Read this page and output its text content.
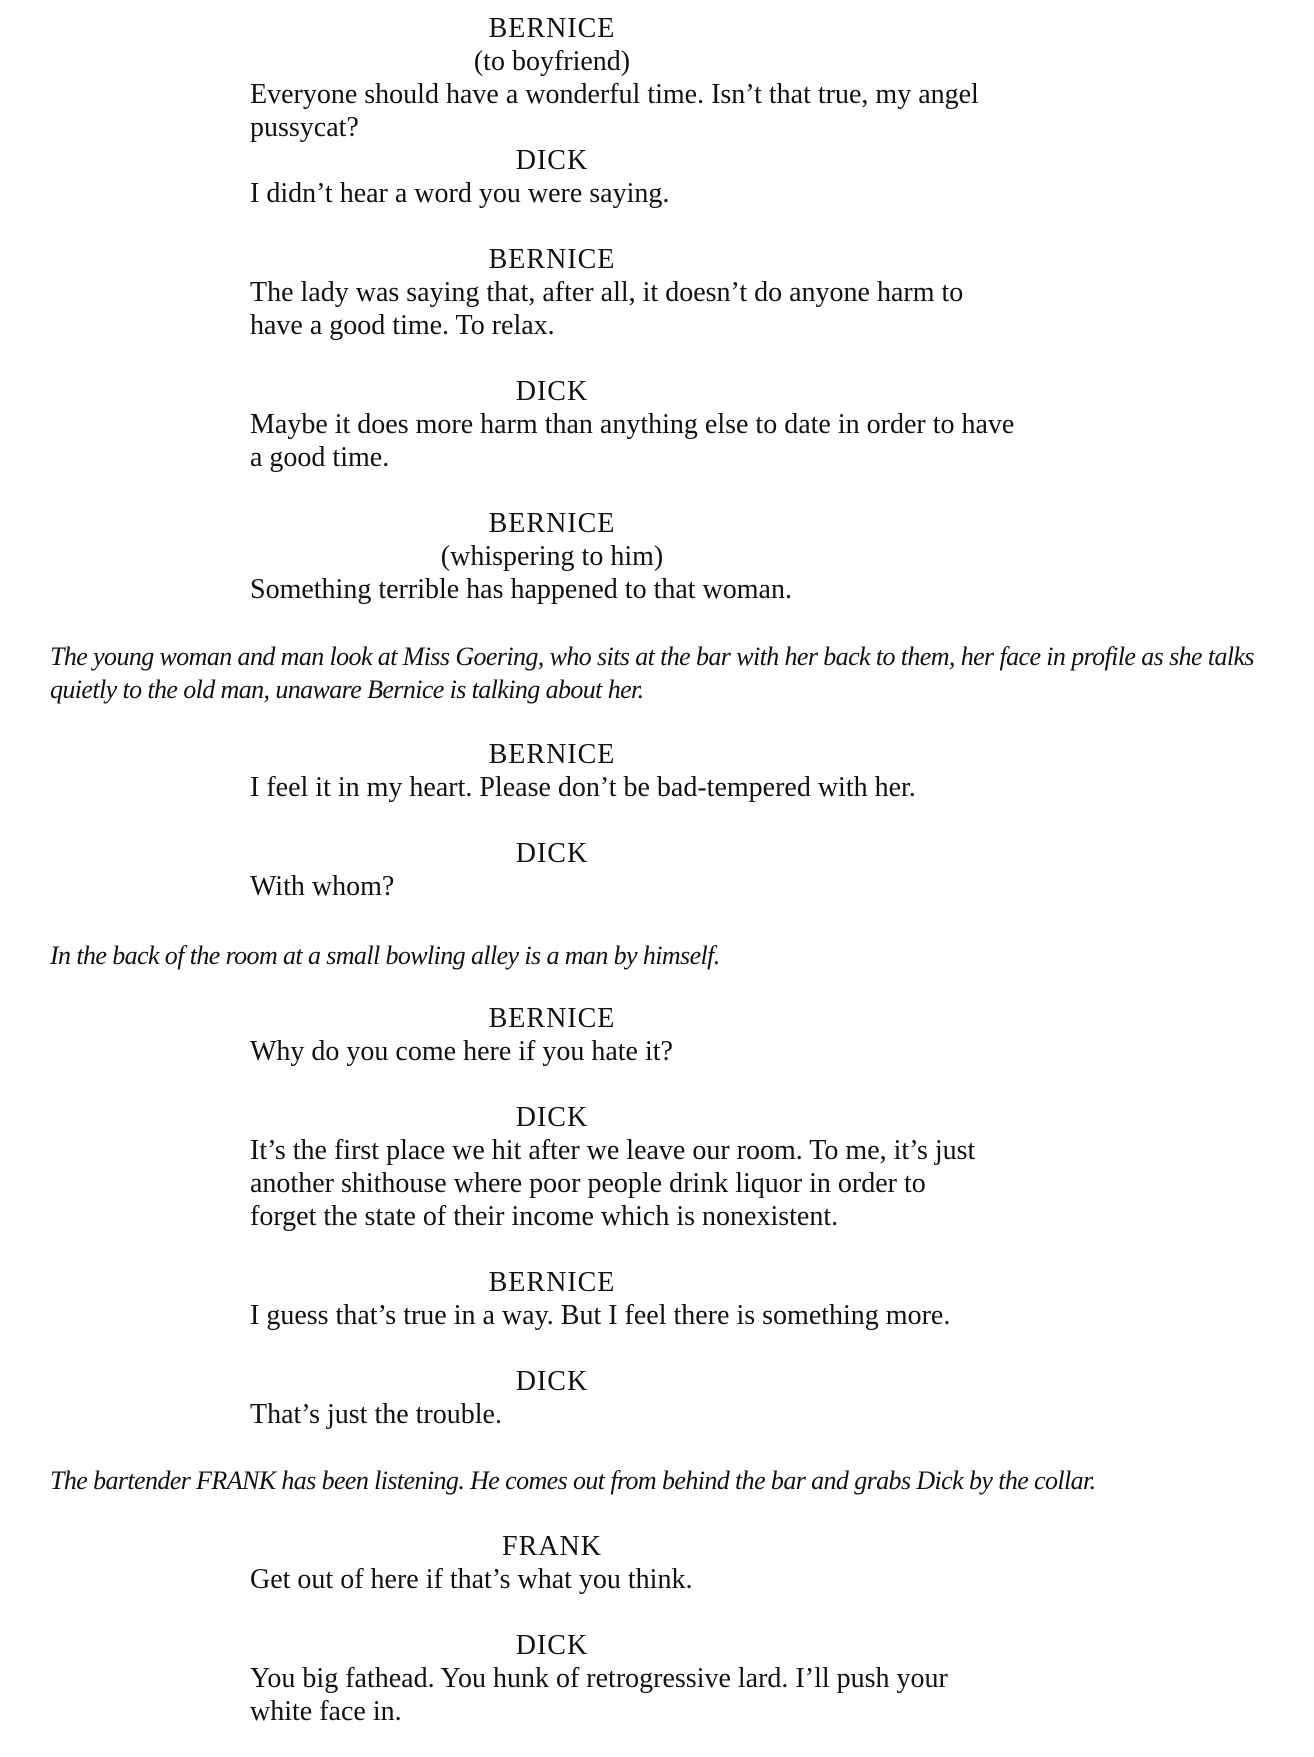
BERNICE

(to boyfriend)

Everyone should have a wonderful time. Isn’t that true, my angel
pussycat?

DICK

I didn’t hear a word you were saying.

BERNICE

The lady was saying that, after all, it doesn’t do anyone harm to
have a good time. To relax.

DICK

Maybe it does more harm than anything else to date in order to have
a good time.

BERNICE

(whispering to him)

Something terrible has happened to that woman.

The young woman and man look at Miss Goering, who sits at the bar with her back to them, her face in profile as she talks
quietly to the old man, unaware Bernice is talking about her.

BERNICE

I feel it in my heart. Please don’t be bad-tempered with her.

DICK

With whom?

In the back of the room at a small bowling alley is a man by himself.

BERNICE

Why do you come here if you hate it?

DICK

It’s the first place we hit after we leave our room. To me, it’s just
another shithouse where poor people drink liquor in order to
forget the state of their income which is nonexistent.

BERNICE

I guess that’s true in a way. But I feel there is something more.

DICK

That’s just the trouble.

The bartender FRANK has been listening. He comes out from behind the bar and grabs Dick by the collar.

FRANK

Get out of here if that’s what you think.

DICK

You big fathead. You hunk of retrogressive lard. I’ll push your
white face in.
